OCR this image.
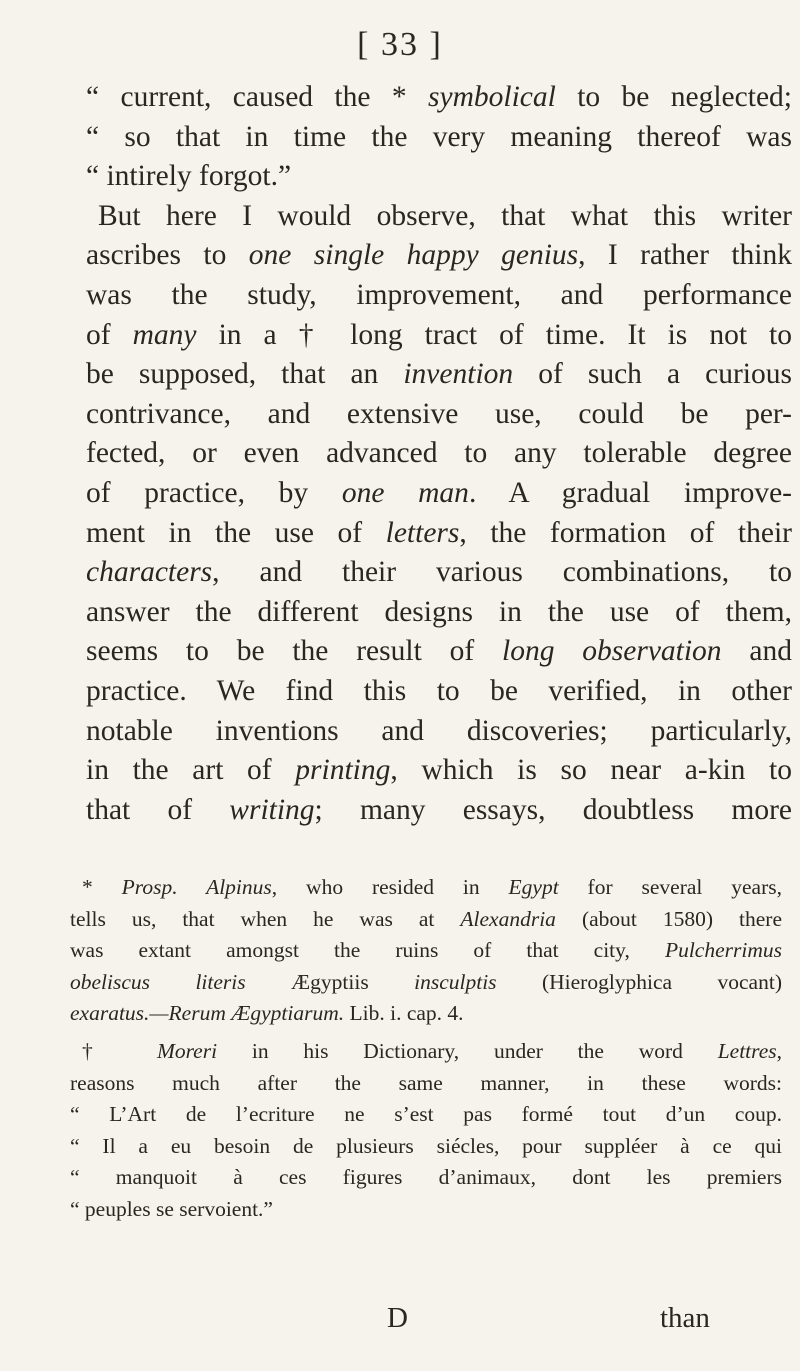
[ 33 ]
“ current, caused the * symbolical to be neglected;
“ so that in time the very meaning thereof was
“ intirely forgot.”
But here I would observe, that what this writer
ascribes to one single happy genius, I rather think
was the study, improvement, and performance
of many in a † long tract of time. It is not to
be supposed, that an invention of such a curious
contrivance, and extensive use, could be per-
fected, or even advanced to any tolerable degree
of practice, by one man. A gradual improve-
ment in the use of letters, the formation of their
characters, and their various combinations, to
answer the different designs in the use of them,
seems to be the result of long observation and
practice. We find this to be verified, in other
notable inventions and discoveries; particularly,
in the art of printing, which is so near a-kin to
that of writing; many essays, doubtless more
* Prosp. Alpinus, who resided in Egypt for several years,
tells us, that when he was at Alexandria (about 1580) there
was extant amongst the ruins of that city, Pulcherrimus
obeliscus literis Ægyptiis insculptis (Hieroglyphica vocant)
exaratus.—Rerum Ægyptiarum. Lib. i. cap. 4.
† Moreri in his Dictionary, under the word Lettres,
reasons much after the same manner, in these words:
“ L’Art de l’ecriture ne s’est pas formé tout d’un coup.
“ Il a eu besoin de plusieurs siécles, pour suppléer à ce qui
“ manquoit à ces figures d’animaux, dont les premiers
“ peuples se servoient.”
D	than
